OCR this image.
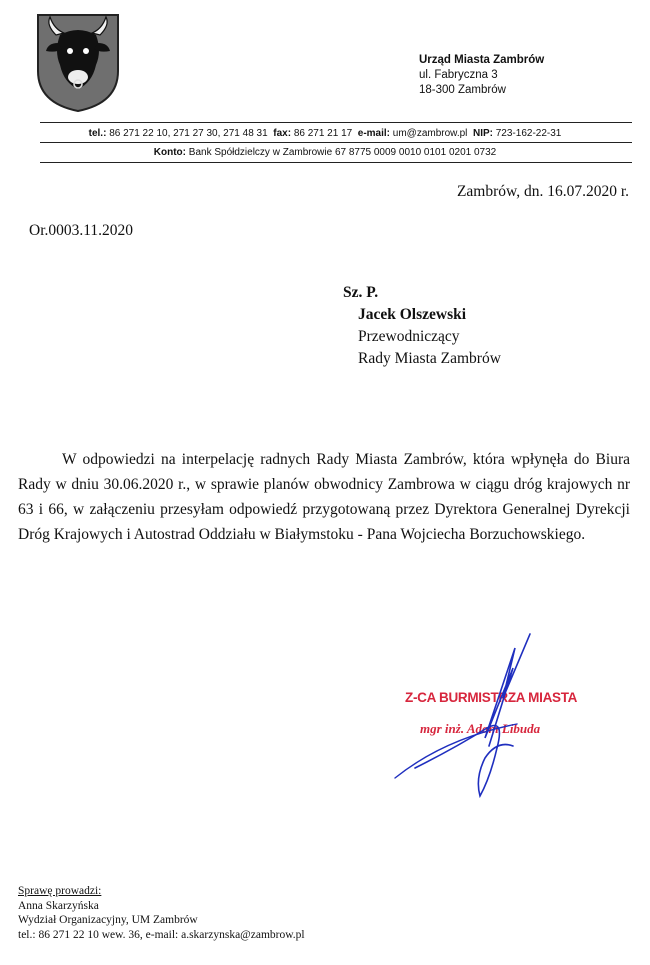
Urząd Miasta Zambrów
ul. Fabryczna 3
18-300 Zambrów
tel.: 86 271 22 10, 271 27 30, 271 48 31 fax: 86 271 21 17 e-mail: um@zambrow.pl NIP: 723-162-22-31
Konto: Bank Spółdzielczy w Zambrowie 67 8775 0009 0010 0101 0201 0732
Zambrów, dn. 16.07.2020 r.
Or.0003.11.2020
Sz. P.
Jacek Olszewski
Przewodniczący
Rady Miasta Zambrów
W odpowiedzi na interpelację radnych Rady Miasta Zambrów, która wpłynęła do Biura Rady w dniu 30.06.2020 r., w sprawie planów obwodnicy Zambrowa w ciągu dróg krajowych nr 63 i 66, w załączeniu przesyłam odpowiedź przygotowaną przez Dyrektora Generalnej Dyrekcji Dróg Krajowych i Autostrad Oddziału w Białymstoku - Pana Wojciecha Borzuchowskiego.
Z-CA BURMISTRZA MIASTA
mgr inż. Adam Libuda
Sprawę prowadzi:
Anna Skarzyńska
Wydział Organizacyjny, UM Zambrów
tel.: 86 271 22 10 wew. 36, e-mail: a.skarzynska@zambrow.pl
